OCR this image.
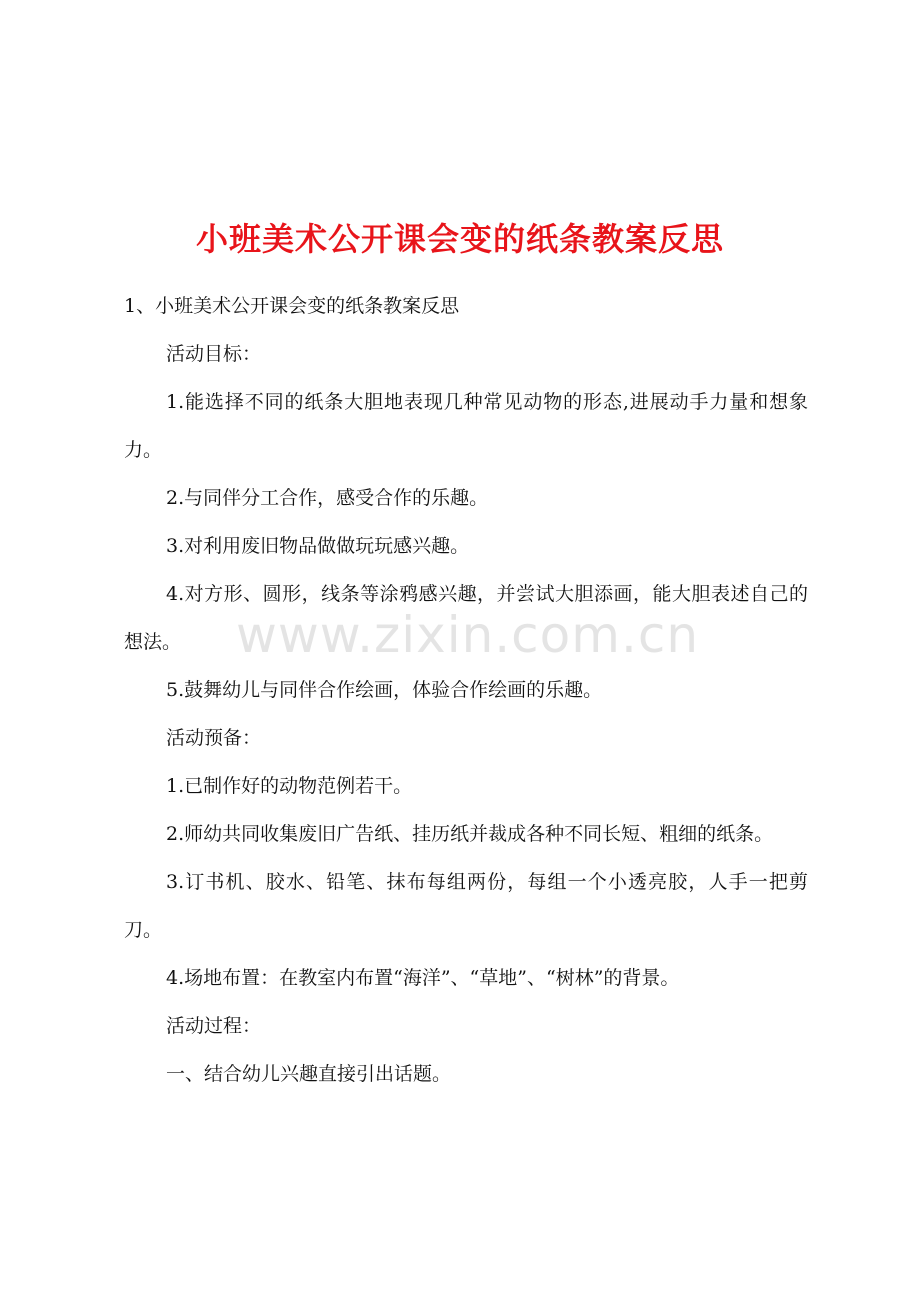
小班美术公开课会变的纸条教案反思

1、小班美术公开课会变的纸条教案反思

活动目标：

1.能选择不同的纸条大胆地表现几种常见动物的形态,进展动手力量和想象力。

2.与同伴分工合作，感受合作的乐趣。

3.对利用废旧物品做做玩玩感兴趣。

4.对方形、圆形，线条等涂鸦感兴趣，并尝试大胆添画，能大胆表述自己的想法。

5.鼓舞幼儿与同伴合作绘画，体验合作绘画的乐趣。

活动预备：

1.已制作好的动物范例若干。

2.师幼共同收集废旧广告纸、挂历纸并裁成各种不同长短、粗细的纸条。

3.订书机、胶水、铅笔、抹布每组两份，每组一个小透亮胶，人手一把剪刀。

4.场地布置：在教室内布置“海洋”、“草地”、“树林”的背景。

活动过程：

一、结合幼儿兴趣直接引出话题。

www.zixin.com.cn
